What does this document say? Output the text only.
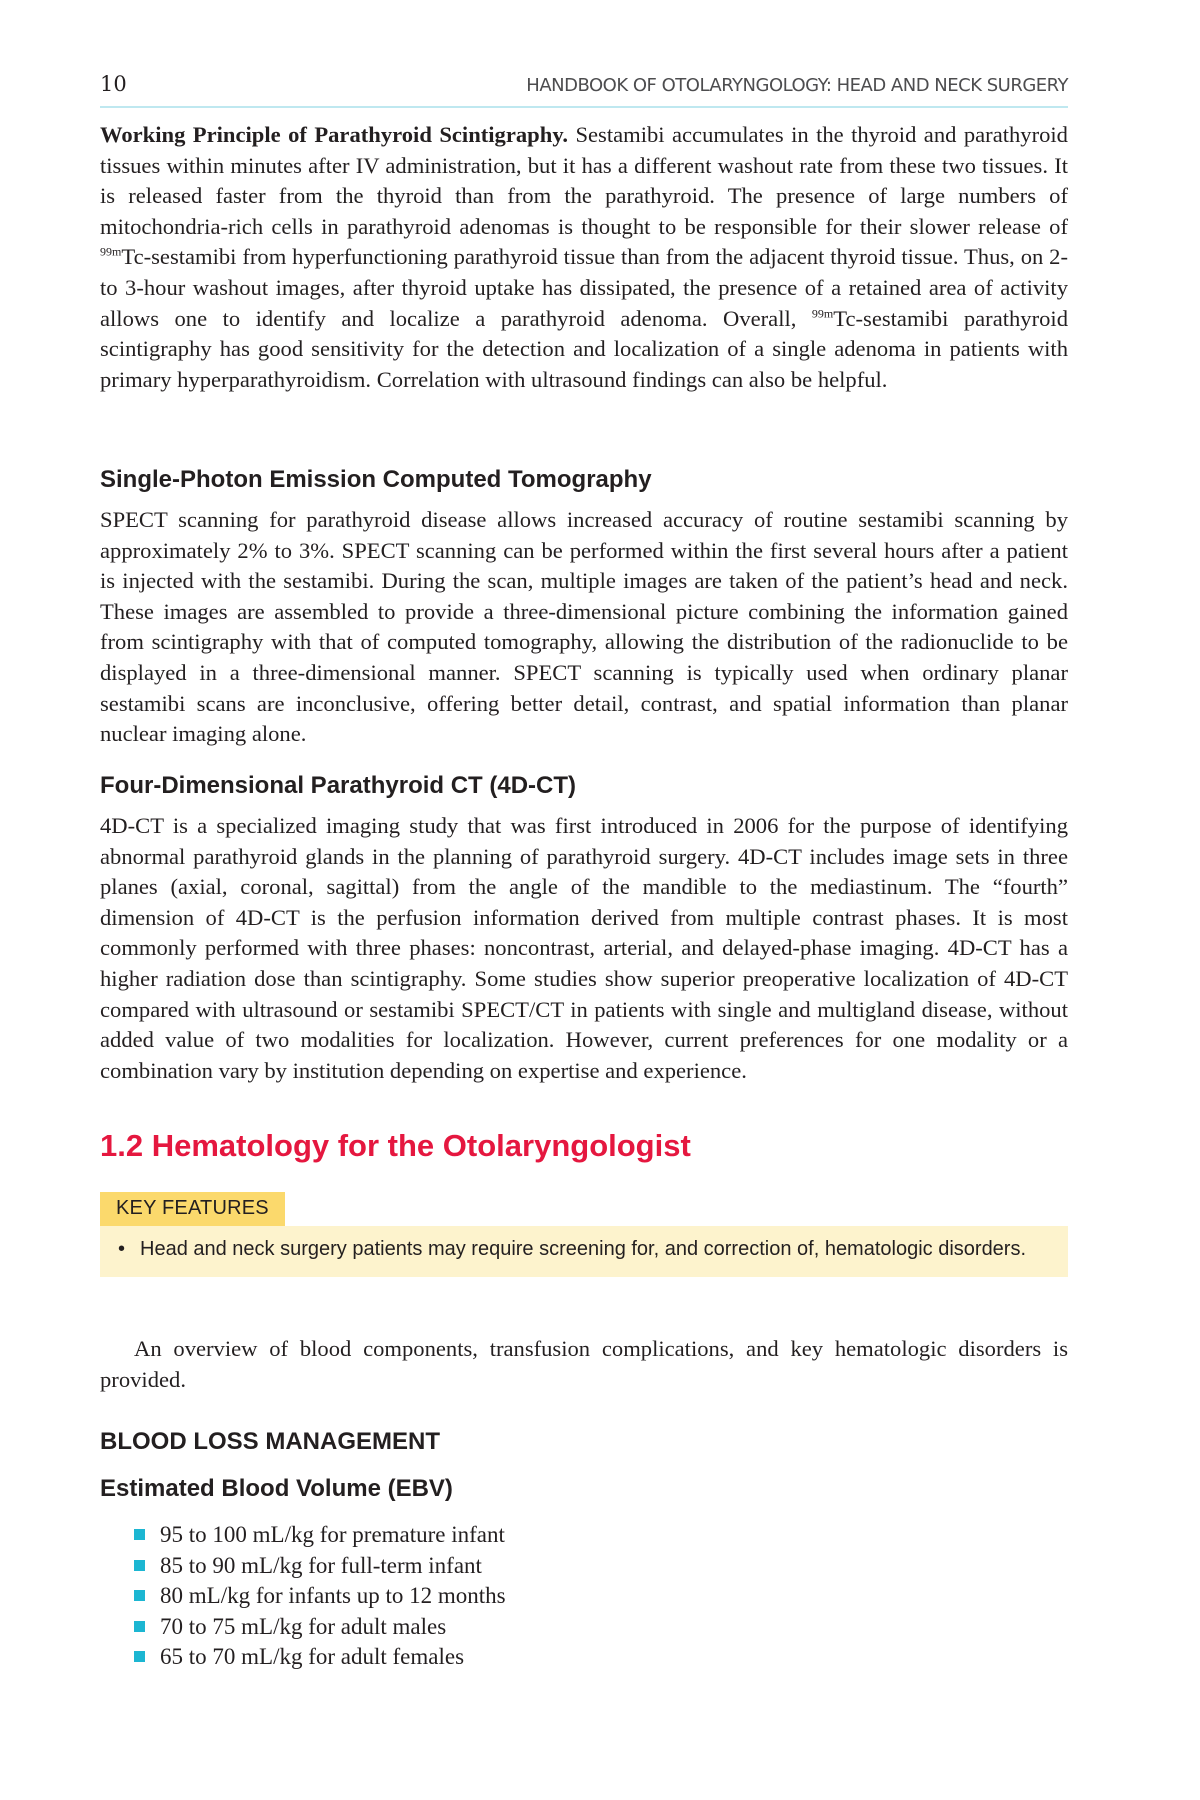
10	HANDBOOK OF OTOLARYNGOLOGY: HEAD AND NECK SURGERY

Working Principle of Parathyroid Scintigraphy. Sestamibi accumulates in the thyroid and parathyroid tissues within minutes after IV administration, but it has a different washout rate from these two tissues. It is released faster from the thyroid than from the parathyroid. The presence of large numbers of mitochondria-rich cells in parathyroid adenomas is thought to be responsible for their slower release of $^{99m}$Tc-sestamibi from hyperfunctioning parathyroid tissue than from the adjacent thyroid tissue. Thus, on 2- to 3-hour washout images, after thyroid uptake has dissipated, the presence of a retained area of activity allows one to identify and localize a parathyroid adenoma. Overall, $^{99m}$Tc-sestamibi parathyroid scintigraphy has good sensitivity for the detection and localization of a single adenoma in patients with primary hyperparathyroidism. Correlation with ultrasound findings can also be helpful.

Single-Photon Emission Computed Tomography

SPECT scanning for parathyroid disease allows increased accuracy of routine sestamibi scanning by approximately 2% to 3%. SPECT scanning can be performed within the first several hours after a patient is injected with the sestamibi. During the scan, multiple images are taken of the patient’s head and neck. These images are assembled to provide a three-dimensional picture combining the information gained from scintigraphy with that of computed tomography, allowing the distribution of the radionuclide to be displayed in a three-dimensional manner. SPECT scanning is typically used when ordinary planar sestamibi scans are inconclusive, offering better detail, contrast, and spatial information than planar nuclear imaging alone.

Four-Dimensional Parathyroid CT (4D-CT)

4D-CT is a specialized imaging study that was first introduced in 2006 for the purpose of identifying abnormal parathyroid glands in the planning of parathyroid surgery. 4D-CT includes image sets in three planes (axial, coronal, sagittal) from the angle of the mandible to the mediastinum. The “fourth” dimension of 4D-CT is the perfusion information derived from multiple contrast phases. It is most commonly performed with three phases: noncontrast, arterial, and delayed-phase imaging. 4D-CT has a higher radiation dose than scintigraphy. Some studies show superior preoperative localization of 4D-CT compared with ultrasound or sestamibi SPECT/CT in patients with single and multigland disease, without added value of two modalities for localization. However, current preferences for one modality or a combination vary by institution depending on expertise and experience.

1.2 Hematology for the Otolaryngologist
KEY FEATURES
• Head and neck surgery patients may require screening for, and correction of, hematologic disorders.

An overview of blood components, transfusion complications, and key hematologic disorders is provided.

BLOOD LOSS MANAGEMENT
Estimated Blood Volume (EBV)
95 to 100 mL/kg for premature infant
85 to 90 mL/kg for full-term infant
80 mL/kg for infants up to 12 months
70 to 75 mL/kg for adult males
65 to 70 mL/kg for adult females
